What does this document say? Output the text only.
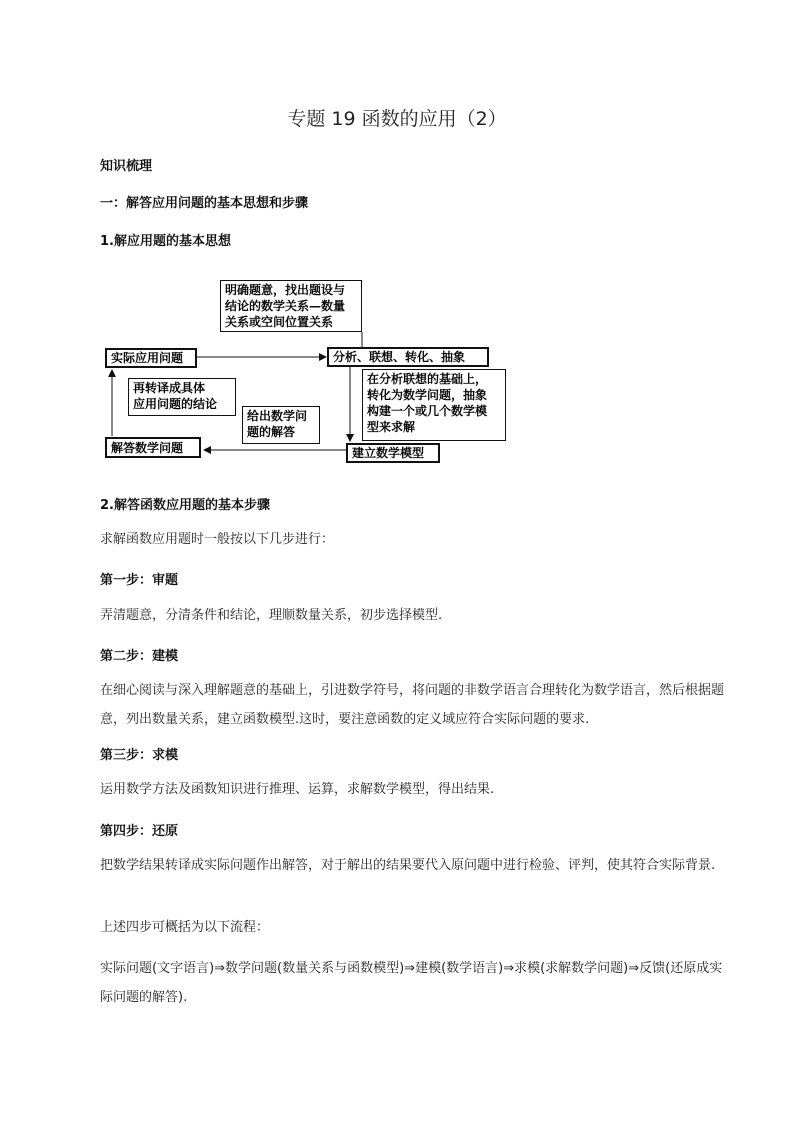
专题 19 函数的应用（2）
知识梳理
一：解答应用问题的基本思想和步骤
1.解应用题的基本思想
明确题意，找出题设与
结论的数学关系—数量
关系或空间位置关系
实际应用问题	分析、联想、转化、抽象
再转译成具体
应用问题的结论
给出数学问
题的解答
在分析联想的基础上，
转化为数学问题，抽象
构建一个或几个数学模
型来求解
解答数学问题	建立数学模型
2.解答函数应用题的基本步骤
求解函数应用题时一般按以下几步进行：
第一步：审题
弄清题意，分清条件和结论，理顺数量关系，初步选择模型.
第二步：建模
在细心阅读与深入理解题意的基础上，引进数学符号，将问题的非数学语言合理转化为数学语言，然后根据题意，列出数量关系，建立函数模型.这时，要注意函数的定义域应符合实际问题的要求.
第三步：求模
运用数学方法及函数知识进行推理、运算，求解数学模型，得出结果.
第四步：还原
把数学结果转译成实际问题作出解答，对于解出的结果要代入原问题中进行检验、评判，使其符合实际背景.
上述四步可概括为以下流程：
实际问题(文字语言)⇒数学问题(数量关系与函数模型)⇒建模(数学语言)⇒求模(求解数学问题)⇒反馈(还原成实际问题的解答).
